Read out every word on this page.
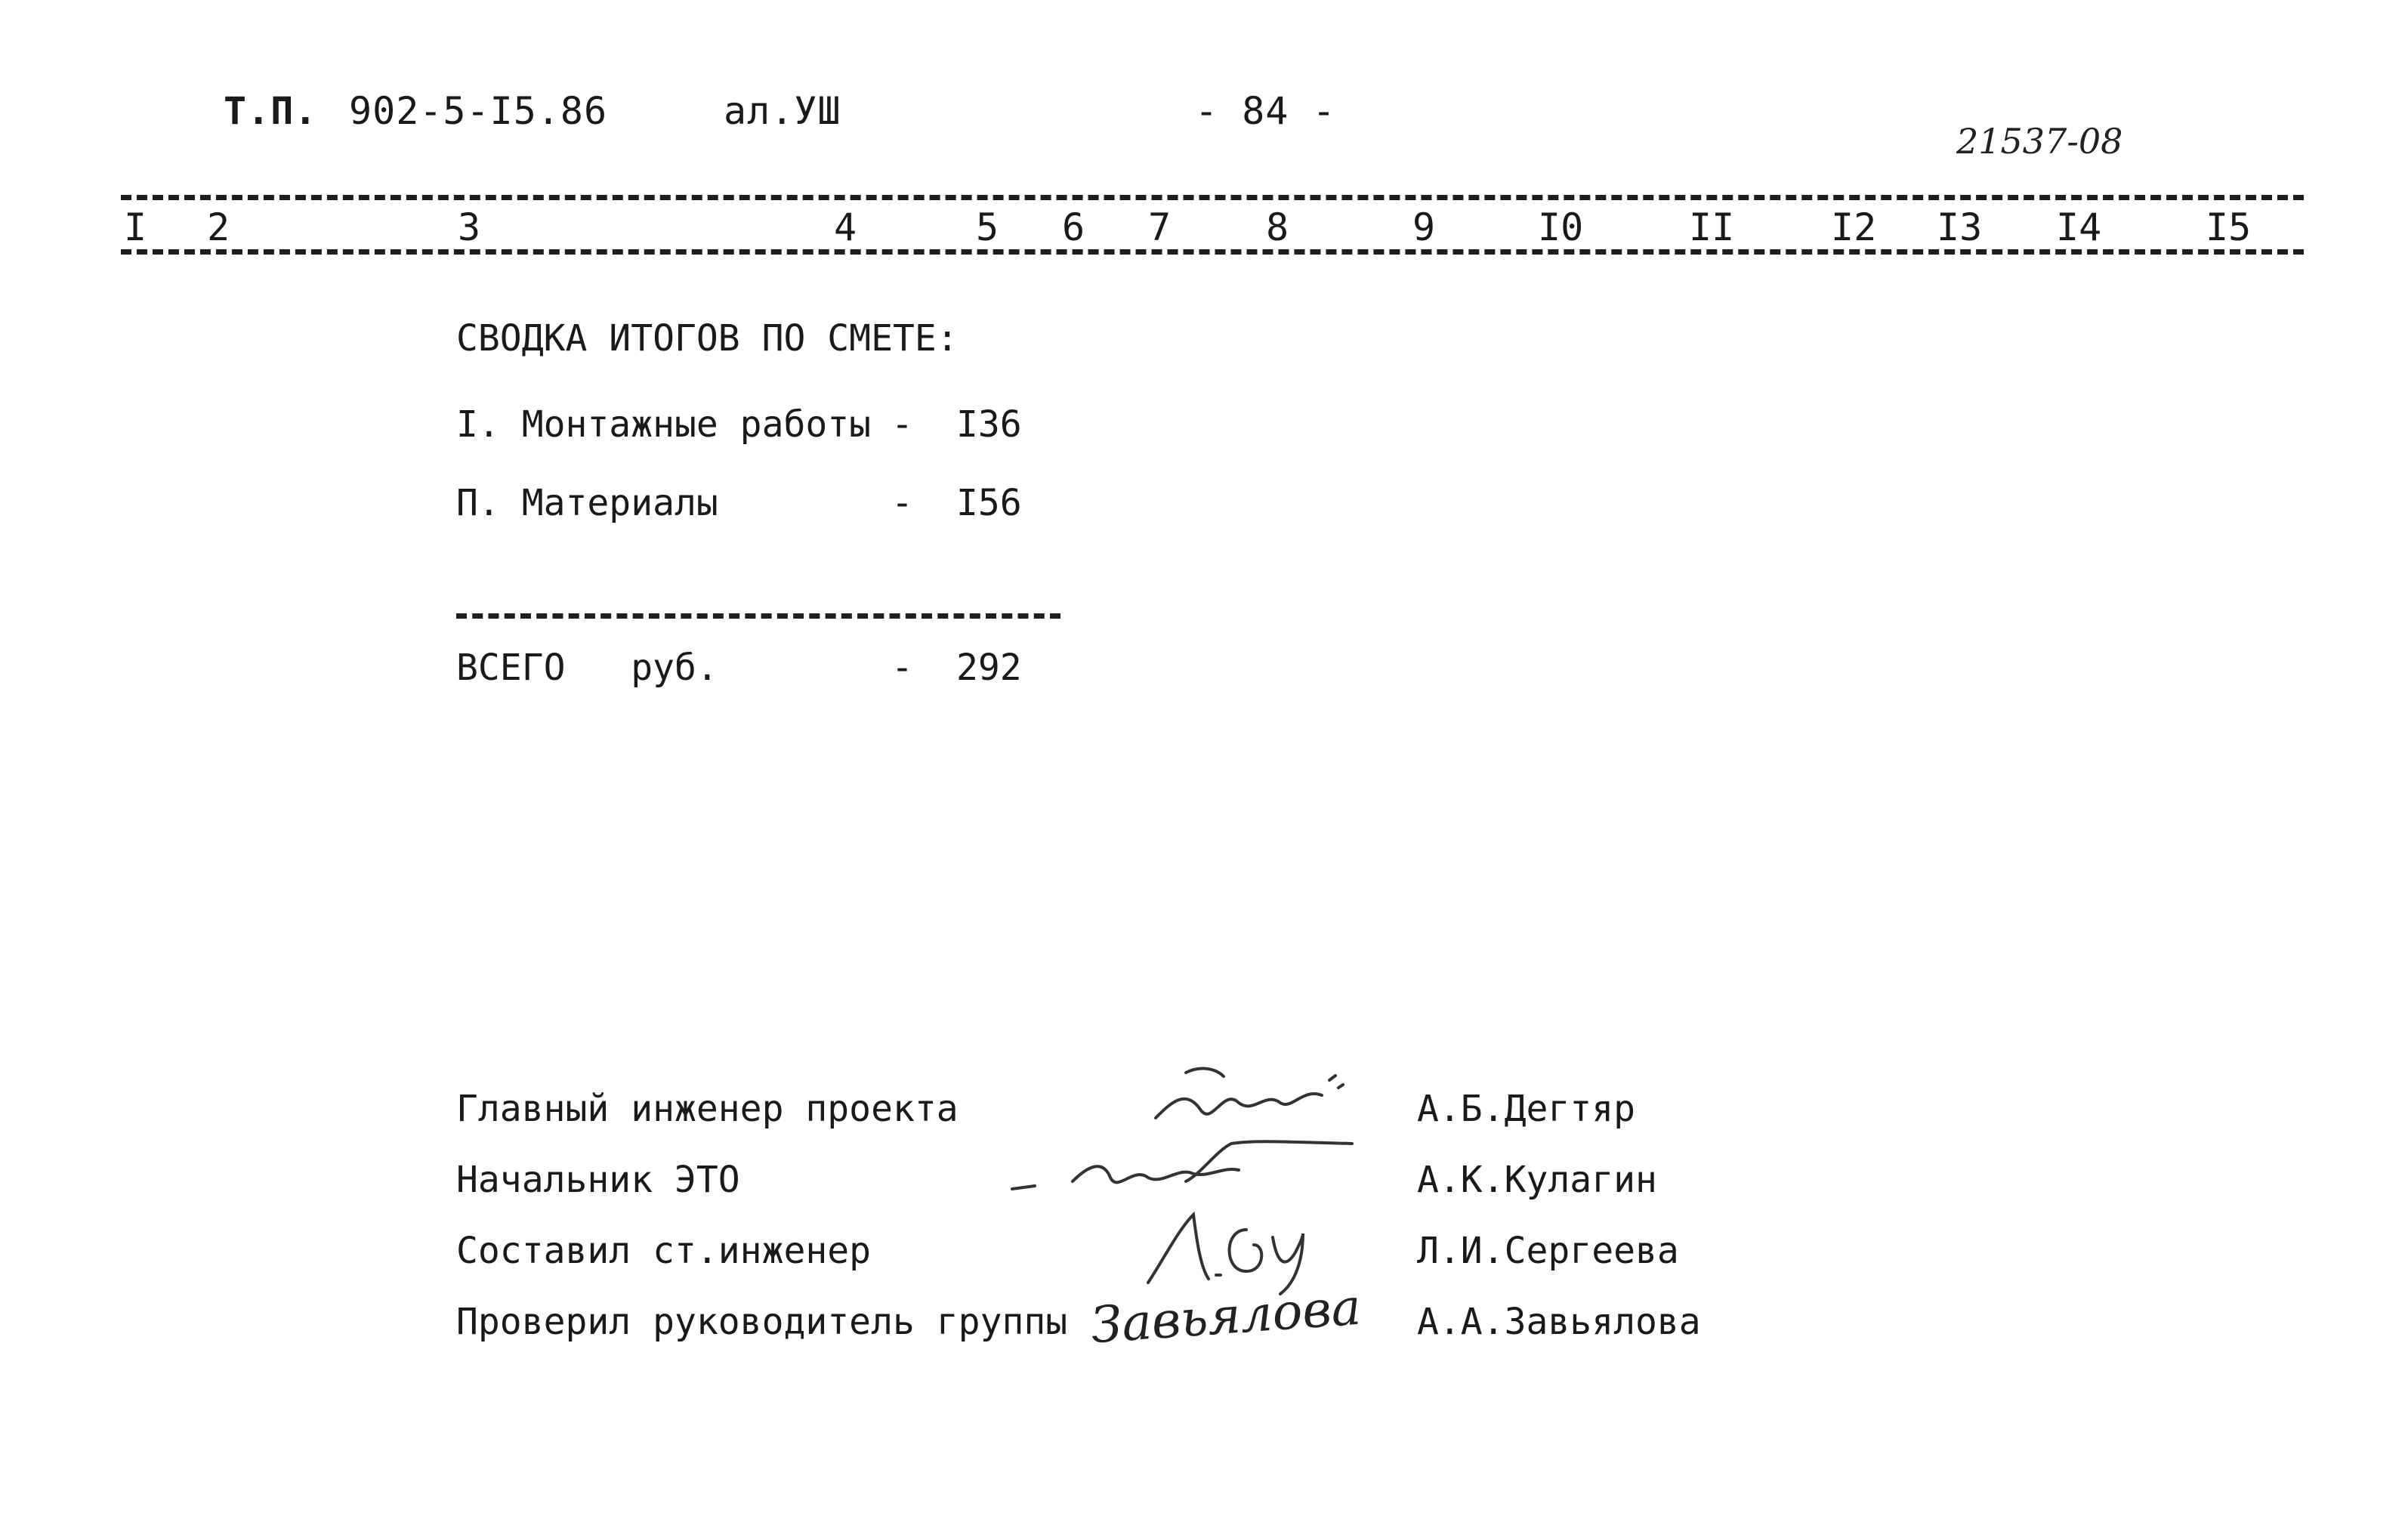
Т.П. 902-5-I5.86	ал.УШ	- 84 -
21537-08
I 2	3	4	5 6 7	8	9	I0	II	I2 I3 I4	I5
СВОДКА ИТОГОВ ПО СМЕТЕ:
I. Монтажные работы - I36
П. Материалы	- I56
ВСЕГО   руб.	- 292
Главный инженер проекта	А.Б.Дегтяр
Начальник ЭТО	А.К.Кулагин
Составил ст.инженер	Л.И.Сергеева
Проверил руководитель группы Завьялова А.А.Завьялова
